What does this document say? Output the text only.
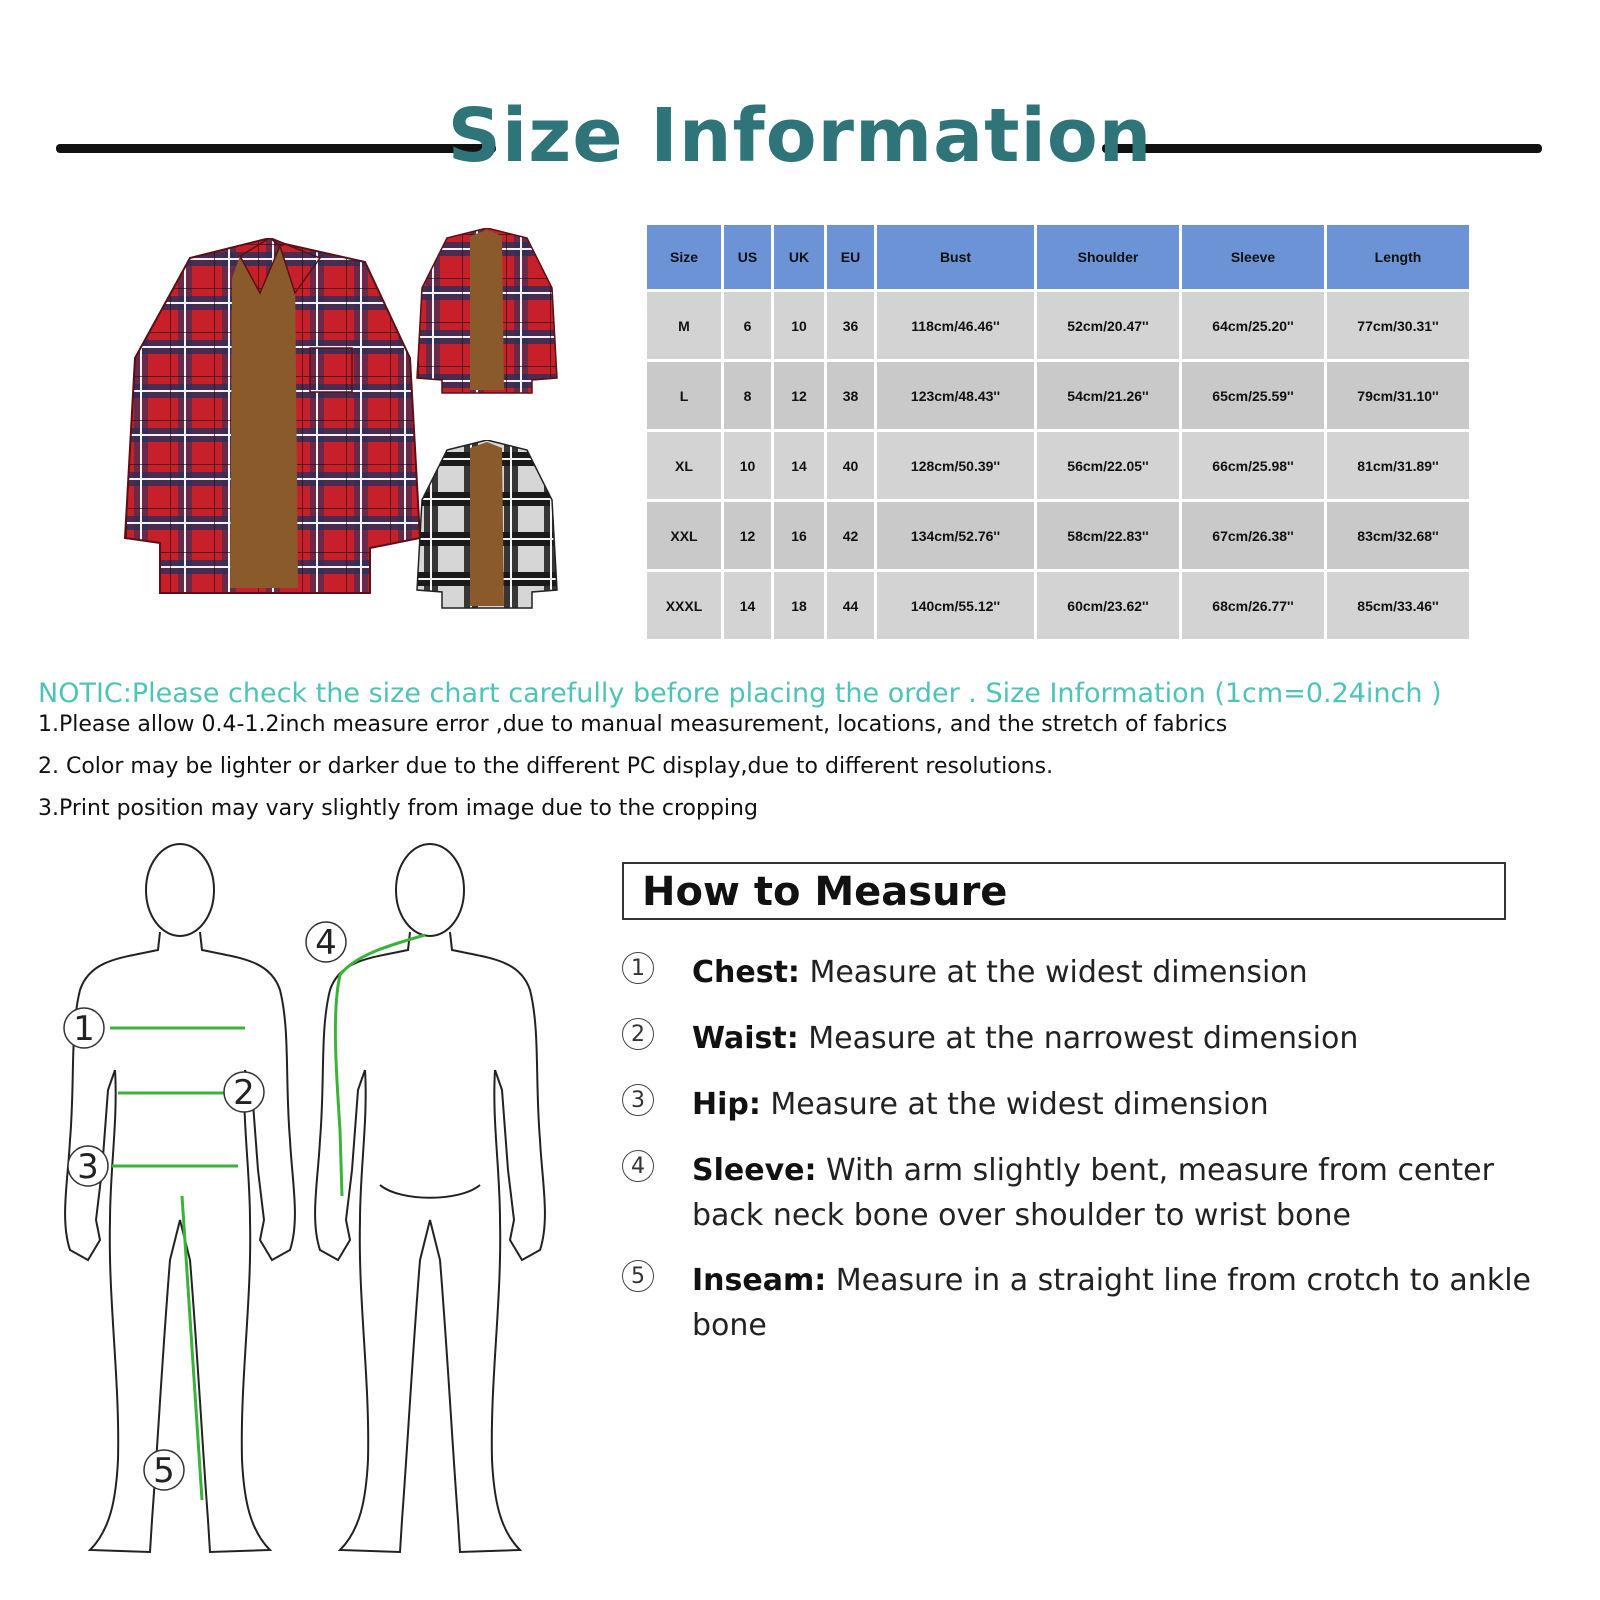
Size Information
Size	US	UK	EU	Bust	Shoulder	Sleeve	Length
M	6	10	36	118cm/46.46''	52cm/20.47''	64cm/25.20''	77cm/30.31''
L	8	12	38	123cm/48.43''	54cm/21.26''	65cm/25.59''	79cm/31.10''
XL	10	14	40	128cm/50.39''	56cm/22.05''	66cm/25.98''	81cm/31.89''
XXL	12	16	42	134cm/52.76''	58cm/22.83''	67cm/26.38''	83cm/32.68''
XXXL	14	18	44	140cm/55.12''	60cm/23.62''	68cm/26.77''	85cm/33.46''
NOTIC:Please check the size chart carefully before placing the order . Size Information (1cm=0.24inch )
1.Please allow 0.4-1.2inch measure error ,due to manual measurement, locations, and the stretch of fabrics
2. Color may be lighter or darker due to the different PC display,due to different resolutions.
3.Print position may vary slightly from image due to the cropping
1
2
3
4
5
How to Measure
1	Chest: Measure at the widest dimension
2	Waist: Measure at the narrowest dimension
3	Hip: Measure at the widest dimension
4	Sleeve: With arm slightly bent, measure from center back neck bone over shoulder to wrist bone
5	Inseam: Measure in a straight line from crotch to ankle bone
